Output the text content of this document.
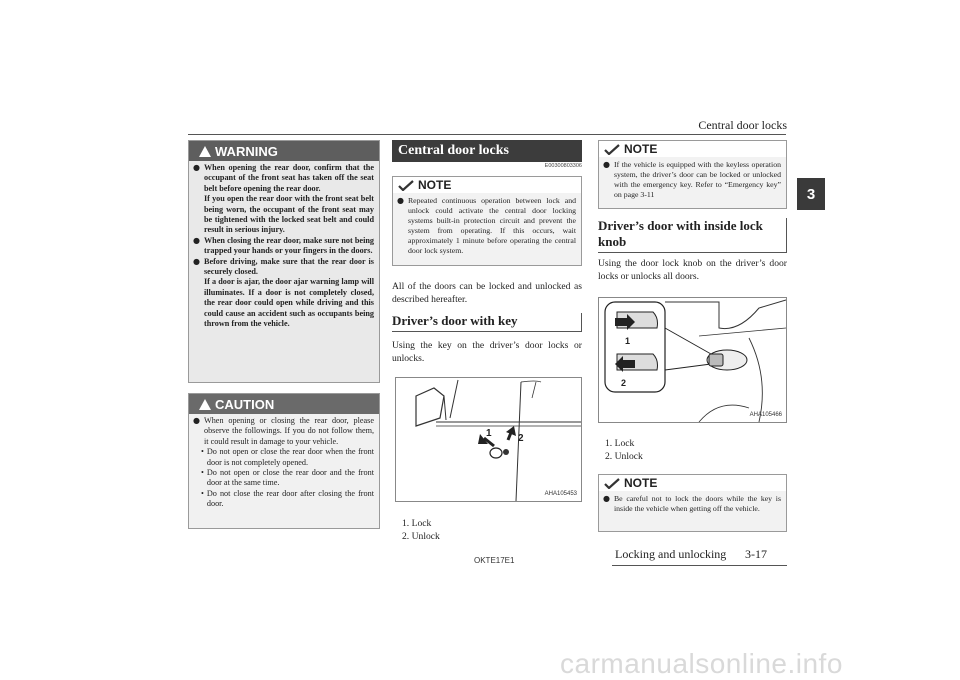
Central door locks
3
WARNING
● When opening the rear door, confirm that the occupant of the front seat has taken off the seat belt before opening the rear door.
If you open the rear door with the front seat belt being worn, the occupant of the front seat may be tightened with the locked seat belt and could result in serious injury.
● When closing the rear door, make sure not being trapped your hands or your fingers in the doors.
● Before driving, make sure that the rear door is securely closed.
If a door is ajar, the door ajar warning lamp will illuminates. If a door is not completely closed, the rear door could open while driving and this could cause an accident such as occupants being thrown from the vehicle.
CAUTION
● When opening or closing the rear door, please observe the followings. If you do not follow them, it could result in damage to your vehicle.
• Do not open or close the rear door when the front door is not completely opened.
• Do not open or close the rear door and the front door at the same time.
• Do not close the rear door after closing the front door.
Central door locks
E00300803306
NOTE
● Repeated continuous operation between lock and unlock could activate the central door locking systems built-in protection circuit and prevent the system from operating. If this occurs, wait approximately 1 minute before operating the central door lock system.
All of the doors can be locked and unlocked as described hereafter.
Driver’s door with key
Using the key on the driver’s door locks or unlocks.
1	2
AHA105453
1. Lock
2. Unlock
NOTE
● If the vehicle is equipped with the keyless operation system, the driver’s door can be locked or unlocked with the emergency key. Refer to “Emergency key” on page 3-11
Driver’s door with inside lock knob
Using the door lock knob on the driver’s door locks or unlocks all doors.
1
2
AHA105466
1. Lock
2. Unlock
NOTE
● Be careful not to lock the doors while the key is inside the vehicle when getting off the vehicle.
OKTE17E1	Locking and unlocking 3-17
carmanualsonline.info
